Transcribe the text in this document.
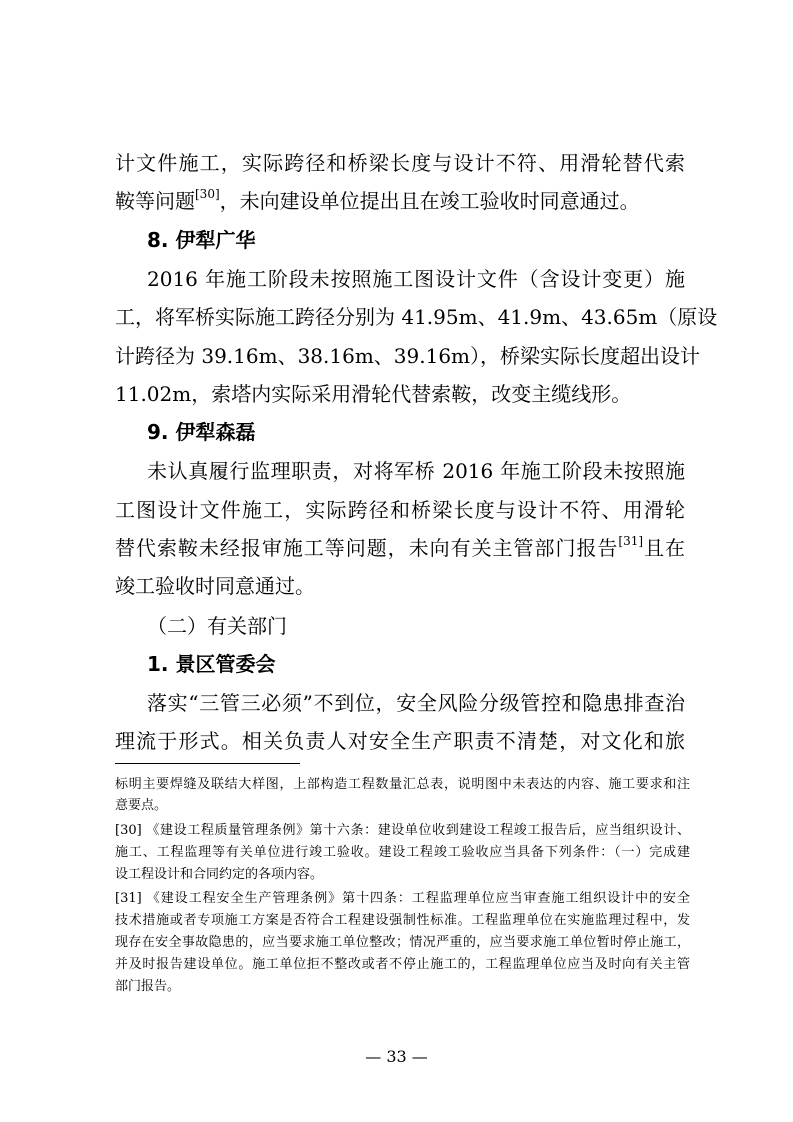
计文件施工，实际跨径和桥梁长度与设计不符、用滑轮替代索
鞍等问题[30]，未向建设单位提出且在竣工验收时同意通过。
8. 伊犁广华
2016 年施工阶段未按照施工图设计文件（含设计变更）施
工，将军桥实际施工跨径分别为 41.95m、41.9m、43.65m（原设
计跨径为 39.16m、38.16m、39.16m），桥梁实际长度超出设计
11.02m，索塔内实际采用滑轮代替索鞍，改变主缆线形。
9. 伊犁森磊
未认真履行监理职责，对将军桥 2016 年施工阶段未按照施
工图设计文件施工，实际跨径和桥梁长度与设计不符、用滑轮
替代索鞍未经报审施工等问题，未向有关主管部门报告[31]且在
竣工验收时同意通过。
（二）有关部门
1. 景区管委会
落实“三管三必须”不到位，安全风险分级管控和隐患排查治
理流于形式。相关负责人对安全生产职责不清楚，对文化和旅
标明主要焊缝及联结大样图，上部构造工程数量汇总表，说明图中未表达的内容、施工要求和注
意要点。
[30] 《建设工程质量管理条例》第十六条：建设单位收到建设工程竣工报告后，应当组织设计、
施工、工程监理等有关单位进行竣工验收。建设工程竣工验收应当具备下列条件：（一）完成建
设工程设计和合同约定的各项内容。
[31] 《建设工程安全生产管理条例》第十四条：工程监理单位应当审查施工组织设计中的安全
技术措施或者专项施工方案是否符合工程建设强制性标准。工程监理单位在实施监理过程中，发
现存在安全事故隐患的，应当要求施工单位整改；情况严重的，应当要求施工单位暂时停止施工，
并及时报告建设单位。施工单位拒不整改或者不停止施工的，工程监理单位应当及时向有关主管
部门报告。
— 33 —
